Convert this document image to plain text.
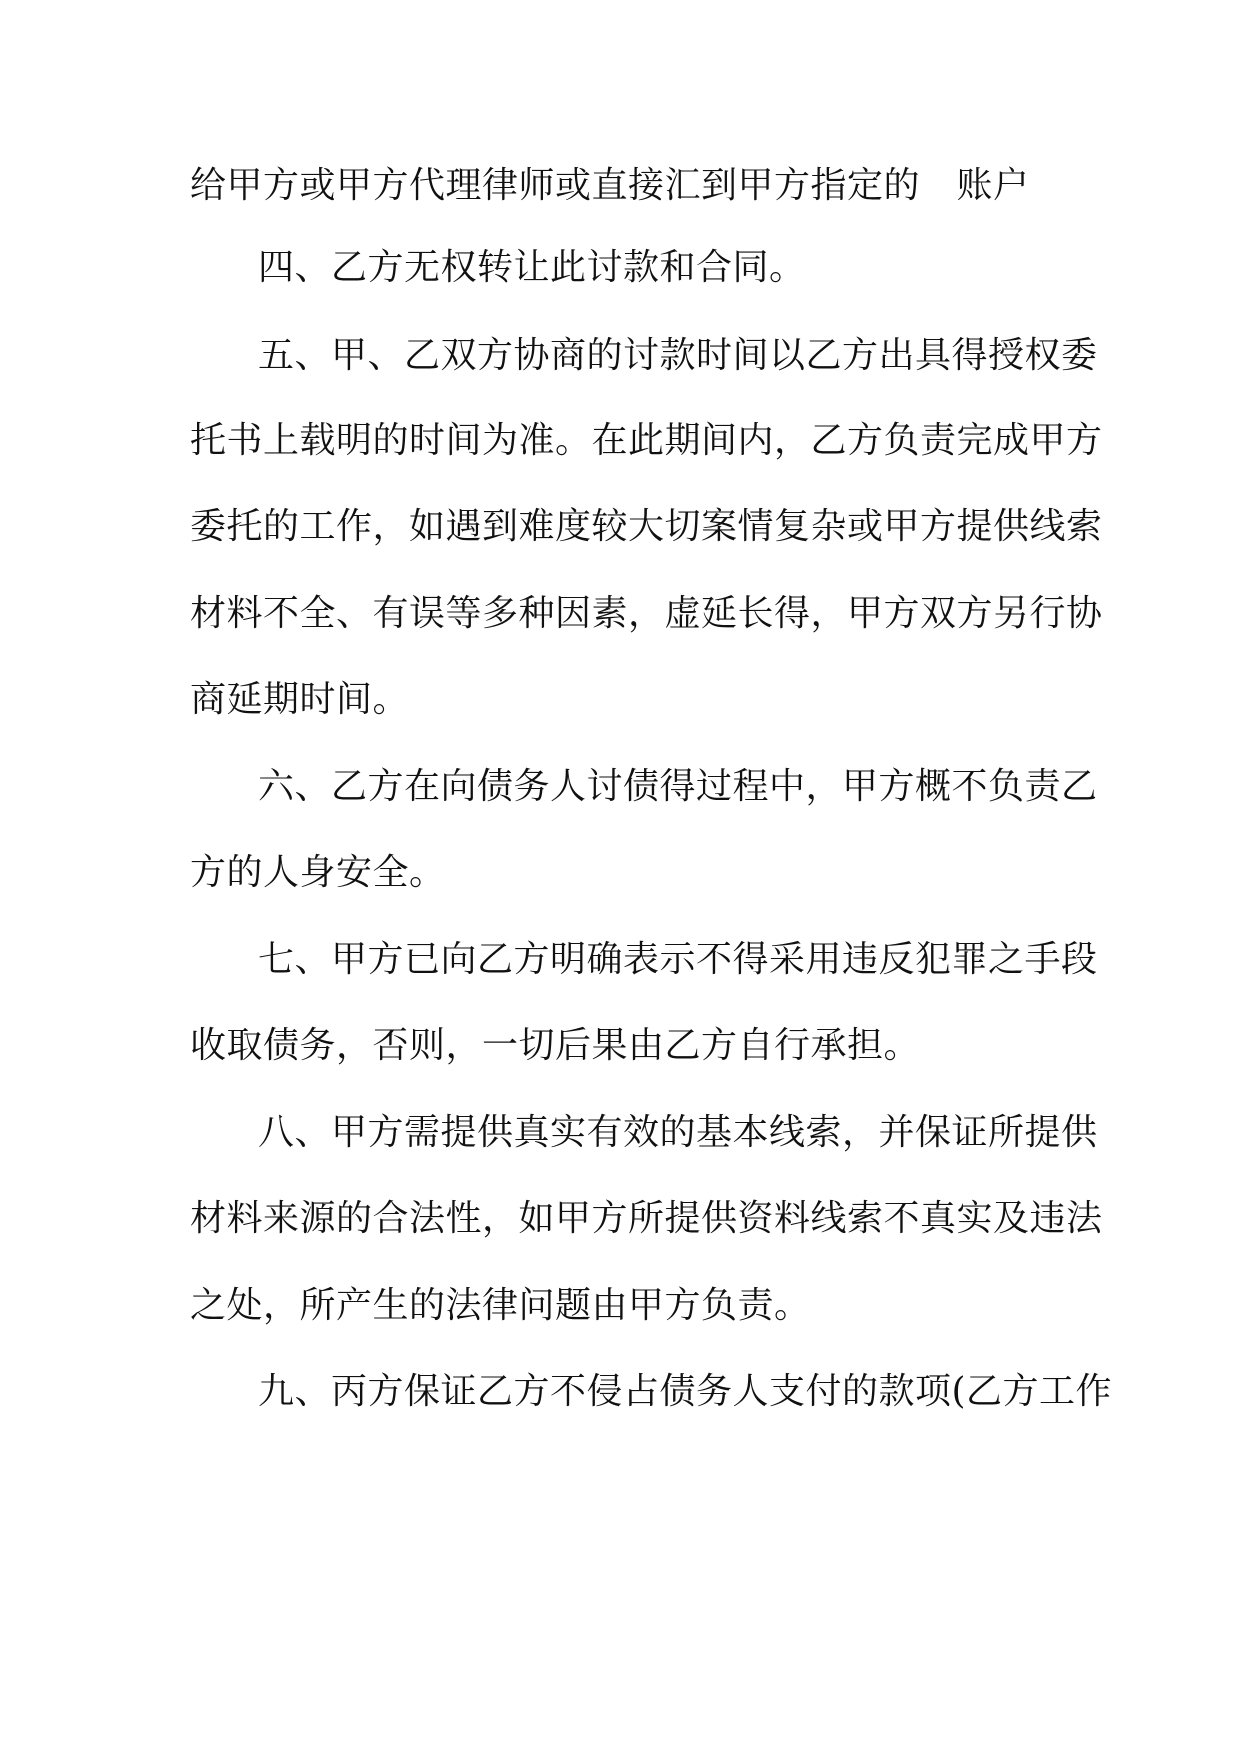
给甲方或甲方代理律师或直接汇到甲方指定的　账户
四、乙方无权转让此讨款和合同。
五、甲、乙双方协商的讨款时间以乙方出具得授权委
托书上载明的时间为准。在此期间内，乙方负责完成甲方
委托的工作，如遇到难度较大切案情复杂或甲方提供线索
材料不全、有误等多种因素，虚延长得，甲方双方另行协
商延期时间。
六、乙方在向债务人讨债得过程中，甲方概不负责乙
方的人身安全。
七、甲方已向乙方明确表示不得采用违反犯罪之手段
收取债务，否则，一切后果由乙方自行承担。
八、甲方需提供真实有效的基本线索，并保证所提供
材料来源的合法性，如甲方所提供资料线索不真实及违法
之处，所产生的法律问题由甲方负责。
九、丙方保证乙方不侵占债务人支付的款项(乙方工作
